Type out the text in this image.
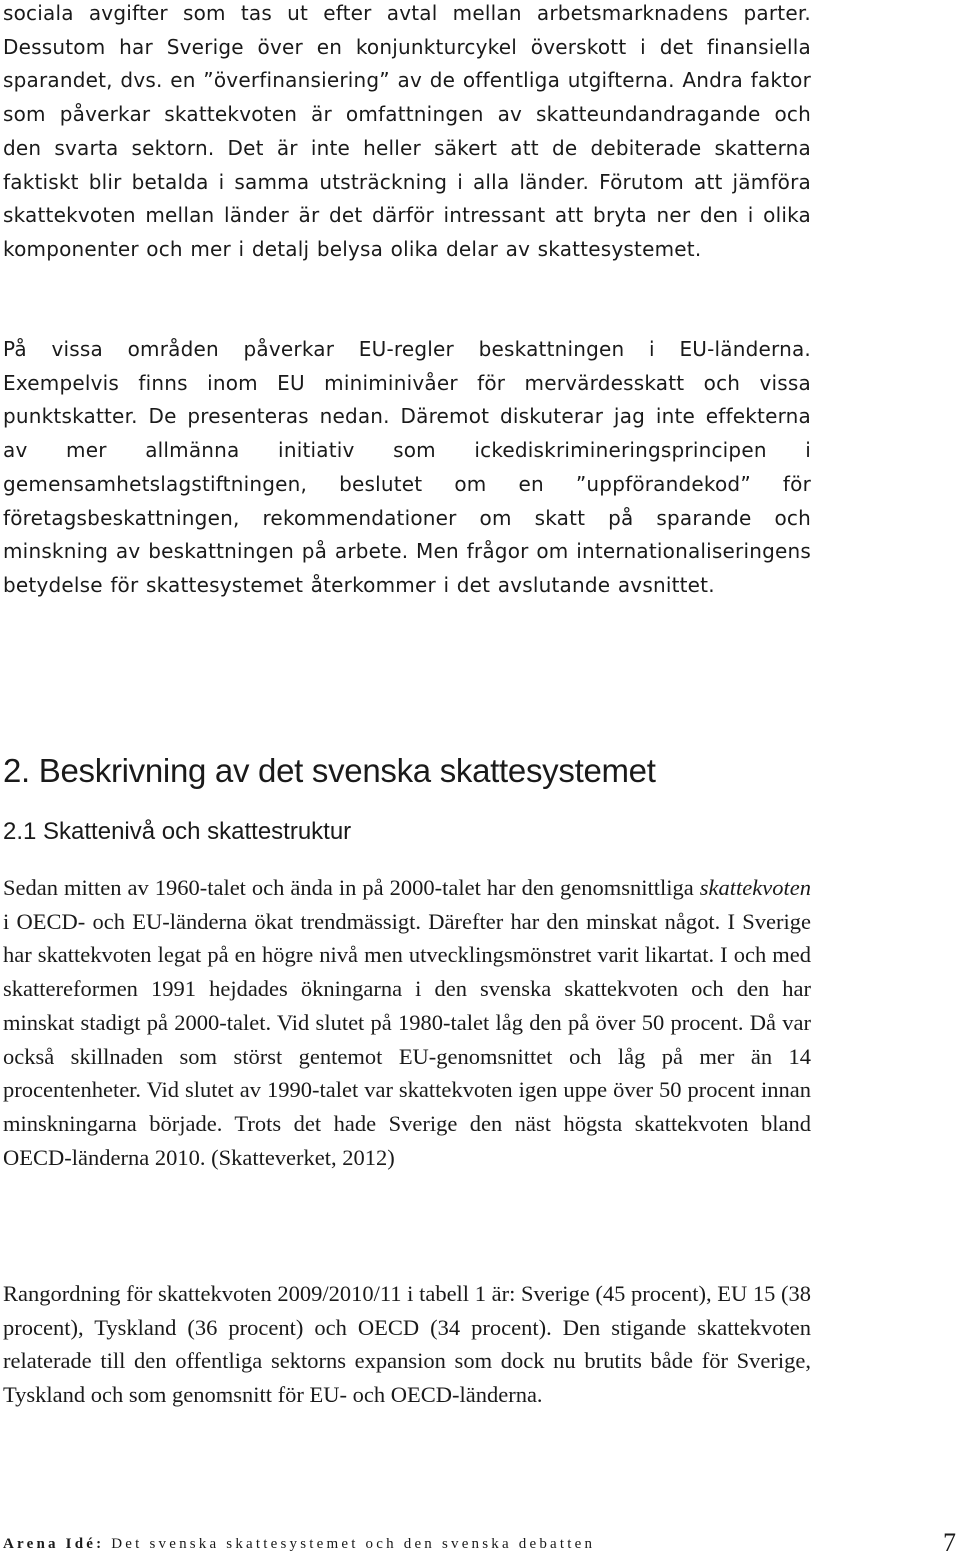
sociala avgifter som tas ut efter avtal mellan arbetsmarknadens parter. Dessutom har Sverige över en konjunkturcykel överskott i det finansiella sparandet, dvs. en ”överfinansiering” av de offentliga utgifterna. Andra faktor som påverkar skattekvoten är omfattningen av skatteundandragande och den svarta sektorn. Det är inte heller säkert att de debiterade skatterna faktiskt blir betalda i samma utsträckning i alla länder. Förutom att jämföra skattekvoten mellan länder är det därför intressant att bryta ner den i olika komponenter och mer i detalj belysa olika delar av skattesystemet.

På vissa områden påverkar EU-regler beskattningen i EU-länderna. Exempelvis finns inom EU miniminivåer för mervärdesskatt och vissa punktskatter. De presenteras nedan. Däremot diskuterar jag inte effekterna av mer allmänna initiativ som ickediskrimineringsprincipen i gemensamhetslagstiftningen, beslutet om en ”uppförandekod” för företagsbeskattningen, rekommendationer om skatt på sparande och minskning av beskattningen på arbete. Men frågor om internationaliseringens betydelse för skattesystemet återkommer i det avslutande avsnittet.

2. Beskrivning av det svenska skattesystemet
2.1 Skattenivå och skattestruktur

Sedan mitten av 1960-talet och ända in på 2000-talet har den genomsnittliga skattekvoten i OECD- och EU-länderna ökat trendmässigt. Därefter har den minskat något. I Sverige har skattekvoten legat på en högre nivå men utvecklingsmönstret varit likartat. I och med skattereformen 1991 hejdades ökningarna i den svenska skattekvoten och den har minskat stadigt på 2000-talet. Vid slutet på 1980-talet låg den på över 50 procent. Då var också skillnaden som störst gentemot EU-genomsnittet och låg på mer än 14 procentenheter. Vid slutet av 1990-talet var skattekvoten igen uppe över 50 procent innan minskningarna började. Trots det hade Sverige den näst högsta skattekvoten bland OECD-länderna 2010. (Skatteverket, 2012)

Rangordning för skattekvoten 2009/2010/11 i tabell 1 är: Sverige (45 procent), EU 15 (38 procent), Tyskland (36 procent) och OECD (34 procent). Den stigande skattekvoten relaterade till den offentliga sektorns expansion som dock nu brutits både för Sverige, Tyskland och som genomsnitt för EU- och OECD-länderna.

Arena Idé: Det svenska skattesystemet och den svenska debatten	7
